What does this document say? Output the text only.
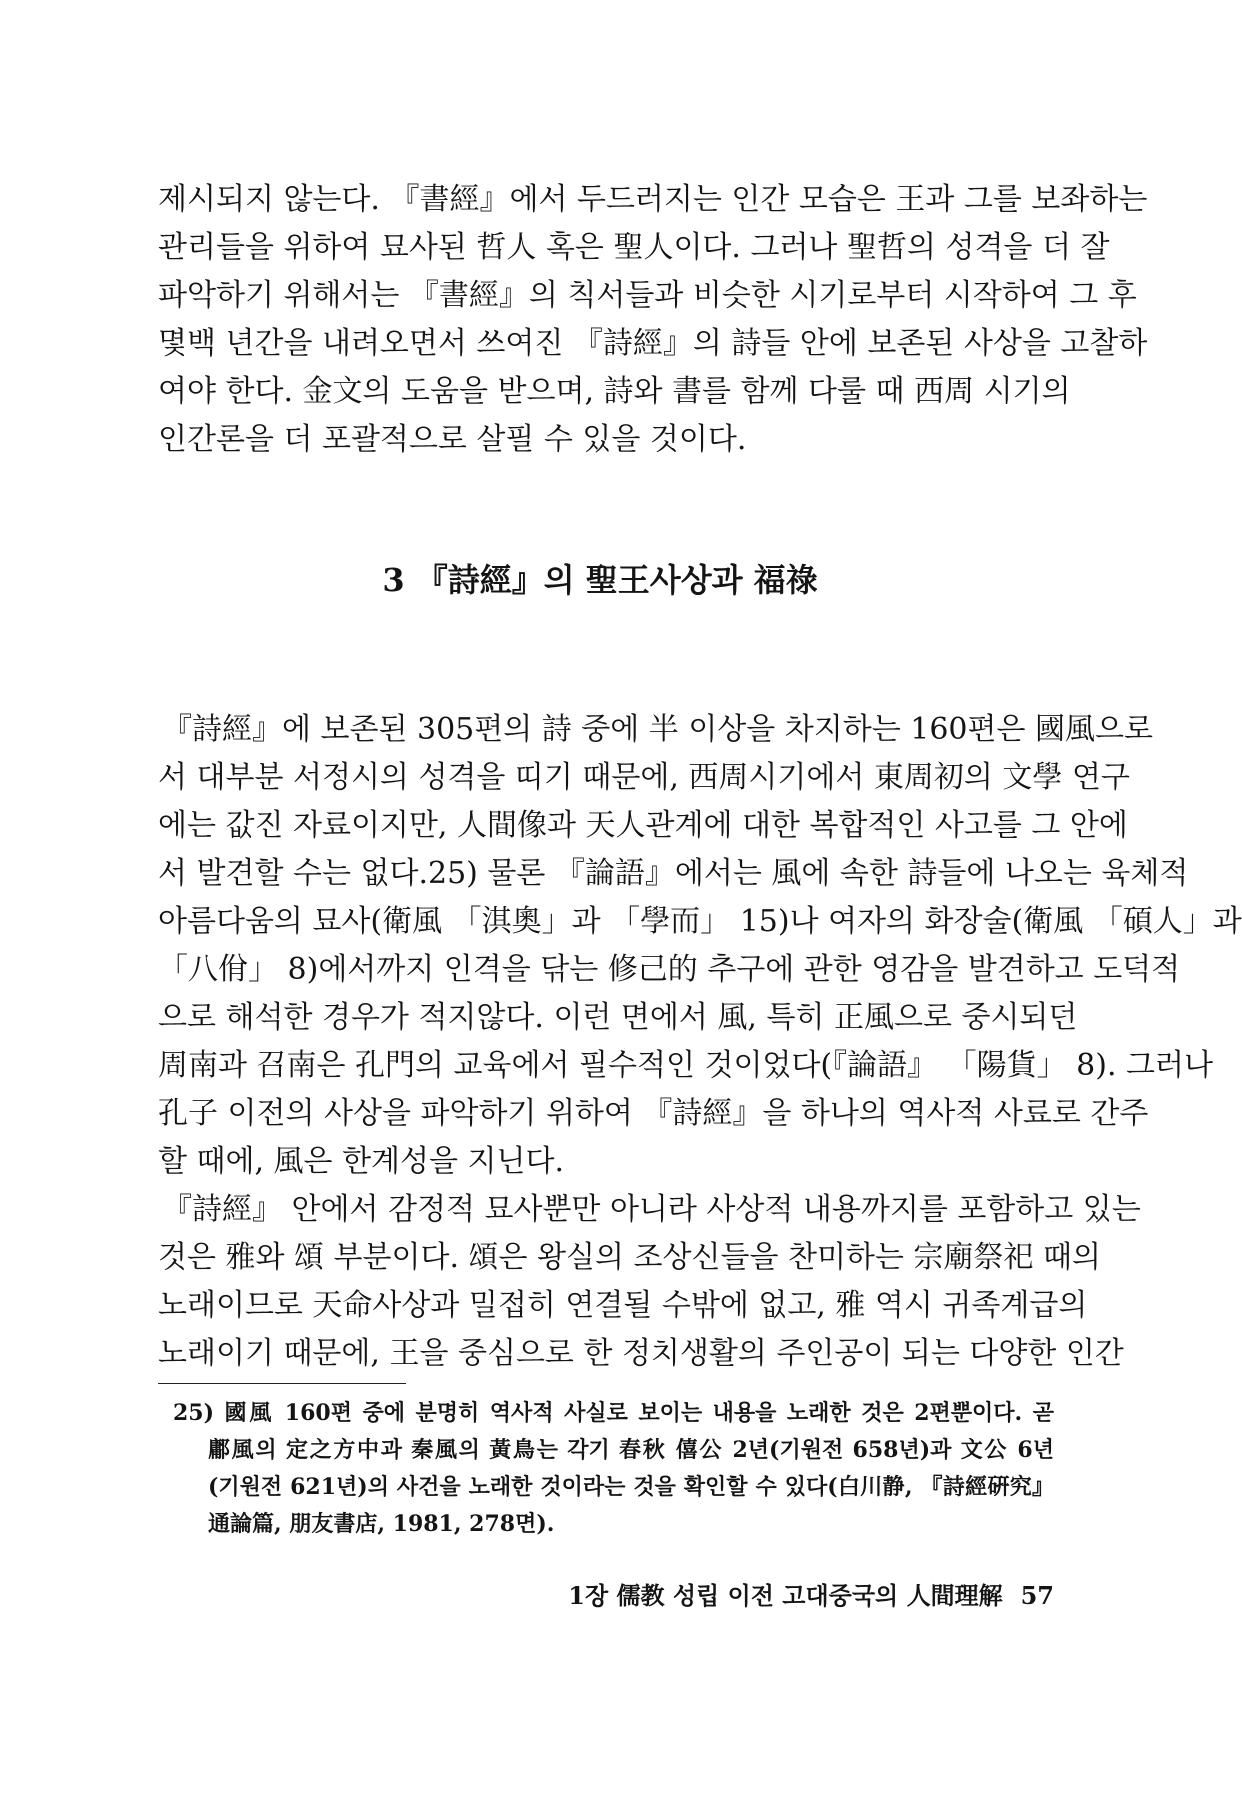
제시되지 않는다. 『書經』에서 두드러지는 인간 모습은 王과 그를 보좌하는
관리들을 위하여 묘사된 哲人 혹은 聖人이다. 그러나 聖哲의 성격을 더 잘
파악하기 위해서는 『書經』의 칙서들과 비슷한 시기로부터 시작하여 그 후
몇백 년간을 내려오면서 쓰여진 『詩經』의 詩들 안에 보존된 사상을 고찰하
여야 한다. 金文의 도움을 받으며, 詩와 書를 함께 다룰 때 西周 시기의
인간론을 더 포괄적으로 살필 수 있을 것이다.
3 『詩經』의 聖王사상과 福祿
『詩經』에 보존된 305편의 詩 중에 半 이상을 차지하는 160편은 國風으로
서 대부분 서정시의 성격을 띠기 때문에, 西周시기에서 東周初의 文學 연구
에는 값진 자료이지만, 人間像과 天人관계에 대한 복합적인 사고를 그 안에
서 발견할 수는 없다.25) 물론 『論語』에서는 風에 속한 詩들에 나오는 육체적
아름다움의 묘사(衛風 「淇奧」과 「學而」 15)나 여자의 화장술(衛風 「碩人」과
「八佾」 8)에서까지 인격을 닦는 修己的 추구에 관한 영감을 발견하고 도덕적
으로 해석한 경우가 적지않다. 이런 면에서 風, 특히 正風으로 중시되던
周南과 召南은 孔門의 교육에서 필수적인 것이었다(『論語』 「陽貨」 8). 그러나
孔子 이전의 사상을 파악하기 위하여 『詩經』을 하나의 역사적 사료로 간주
할 때에, 風은 한계성을 지닌다.
『詩經』 안에서 감정적 묘사뿐만 아니라 사상적 내용까지를 포함하고 있는
것은 雅와 頌 부분이다. 頌은 왕실의 조상신들을 찬미하는 宗廟祭祀 때의
노래이므로 天命사상과 밀접히 연결될 수밖에 없고, 雅 역시 귀족계급의
노래이기 때문에, 王을 중심으로 한 정치생활의 주인공이 되는 다양한 인간
25) 國風 160편 중에 분명히 역사적 사실로 보이는 내용을 노래한 것은 2편뿐이다. 곧
鄘風의 定之方中과 秦風의 黃鳥는 각기 春秋 僖公 2년(기원전 658년)과 文公 6년
(기원전 621년)의 사건을 노래한 것이라는 것을 확인할 수 있다(白川静, 『詩經硏究』
通論篇, 朋友書店, 1981, 278면).
1장 儒教 성립 이전 고대중국의 人間理解 57
